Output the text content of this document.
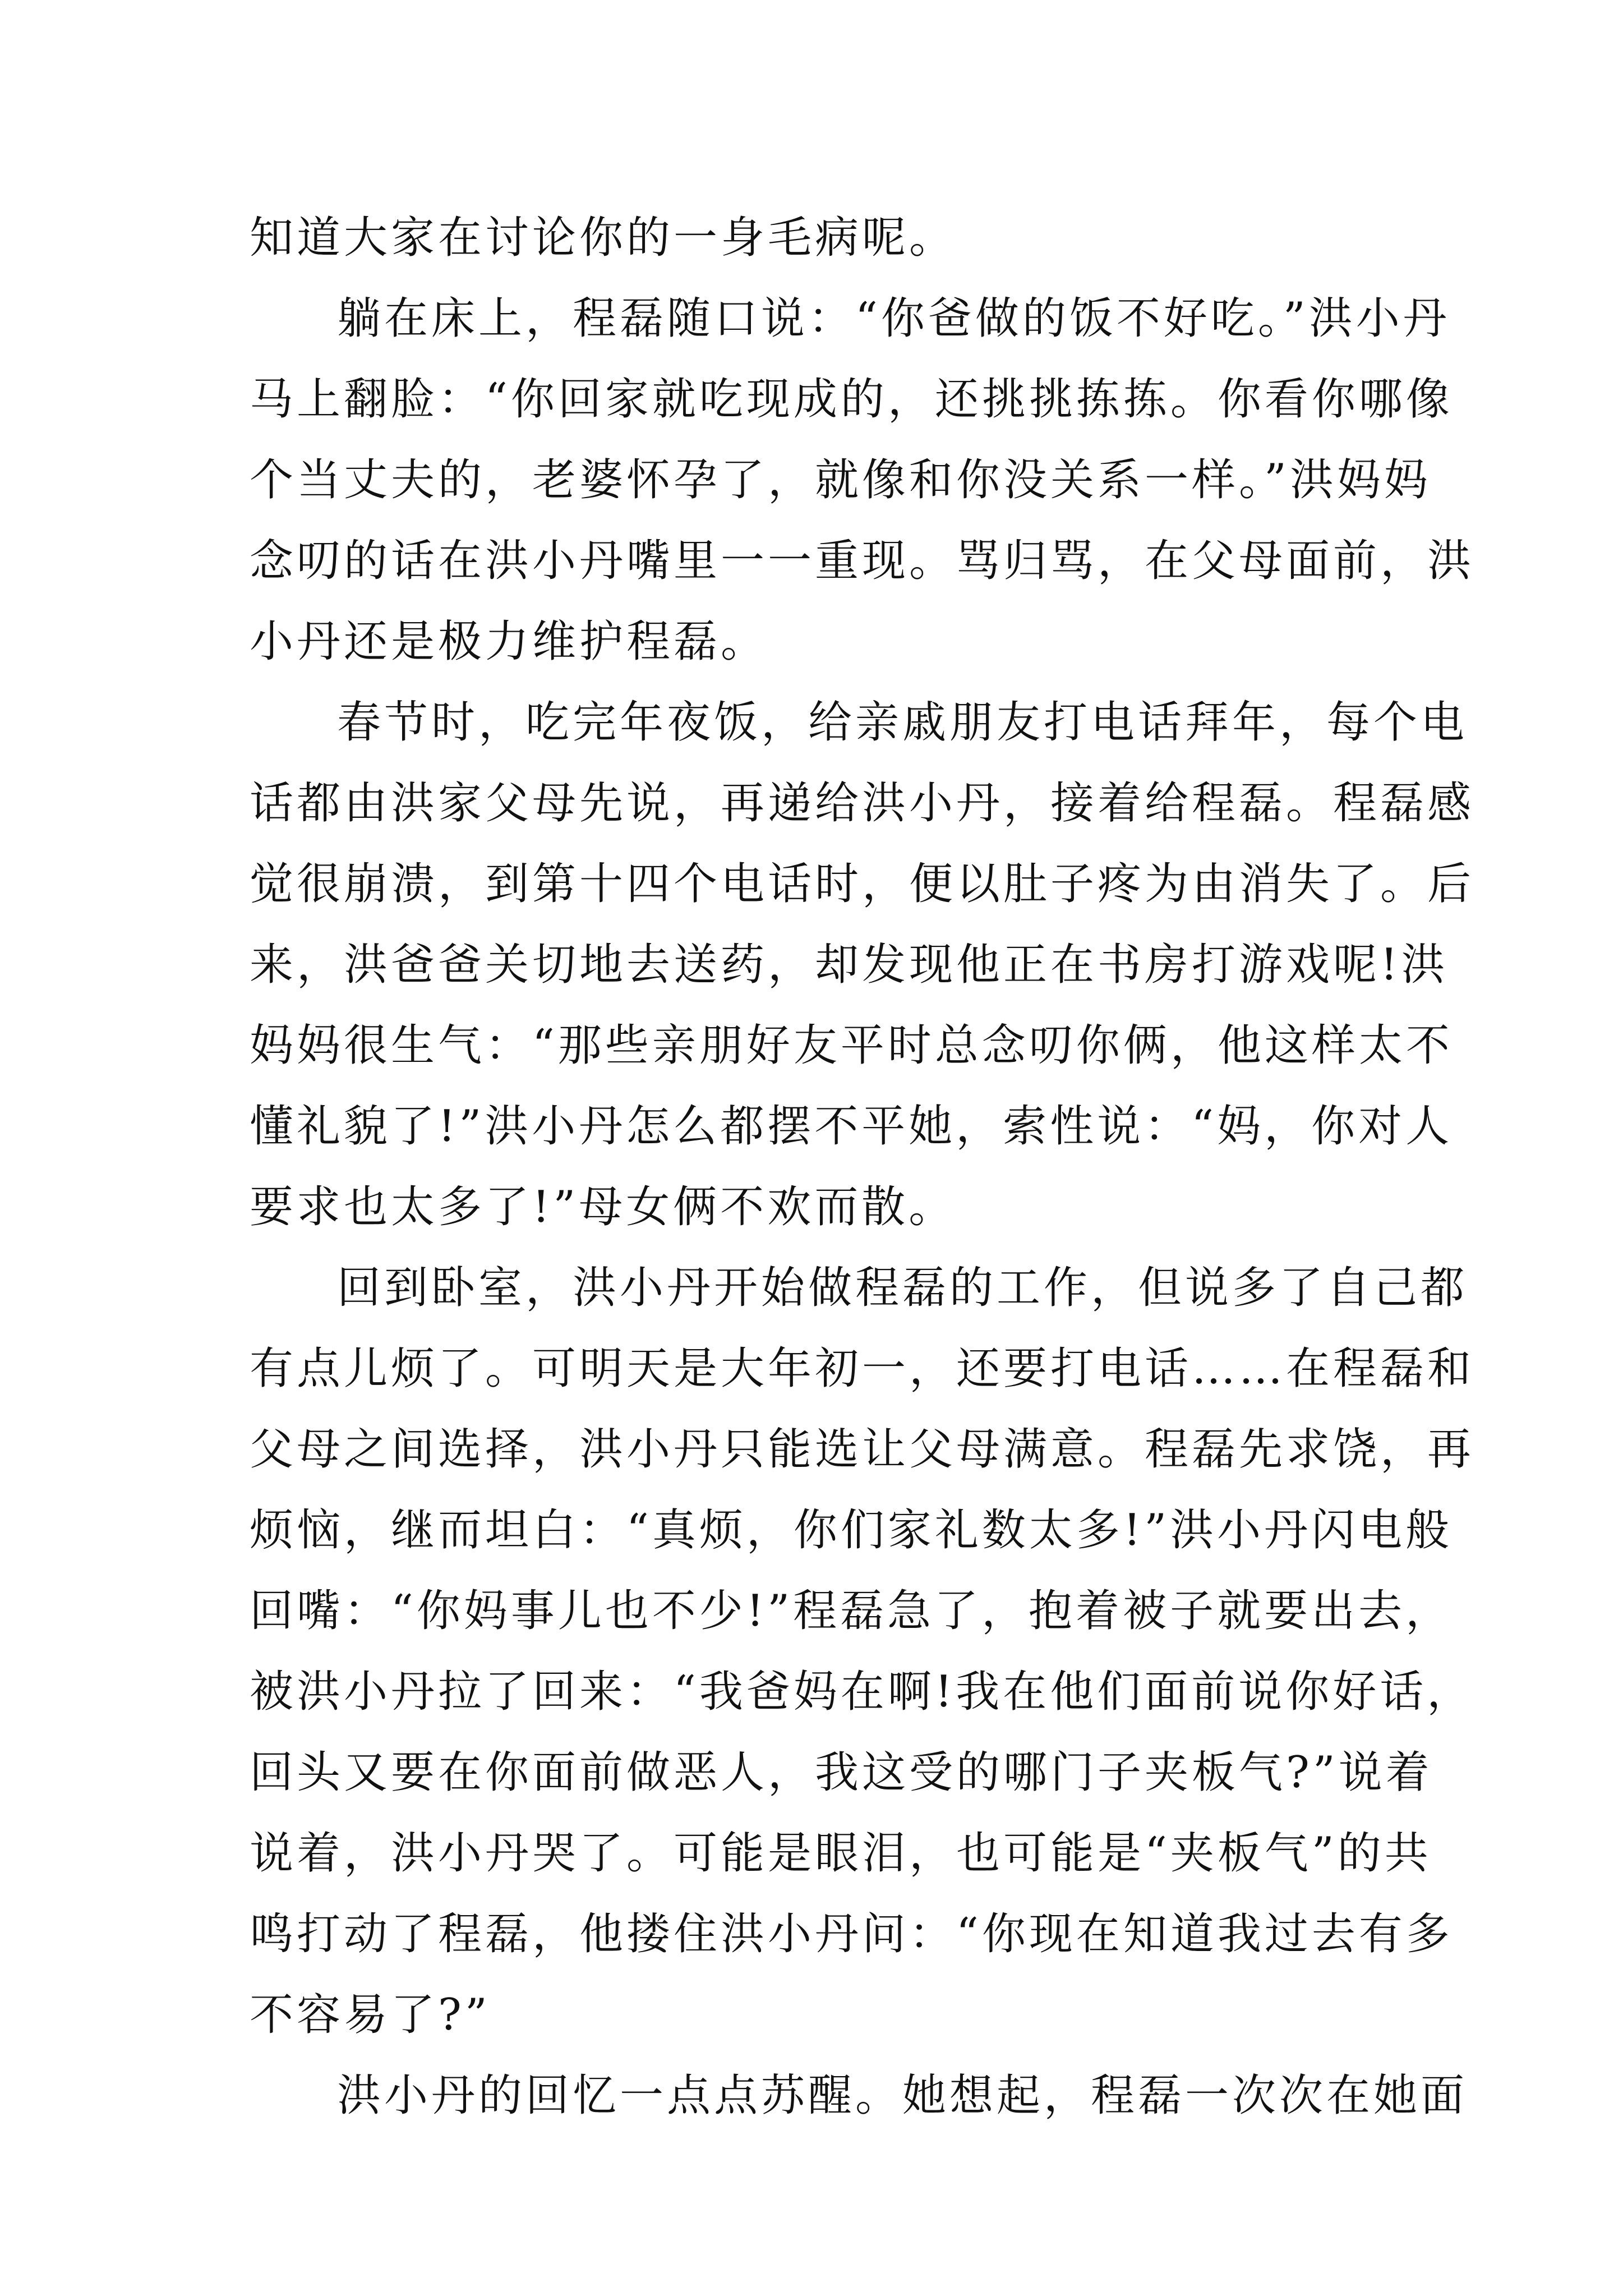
知道大家在讨论你的一身毛病呢。
躺在床上，程磊随口说：“你爸做的饭不好吃。”洪小丹
马上翻脸：“你回家就吃现成的，还挑挑拣拣。你看你哪像
个当丈夫的，老婆怀孕了，就像和你没关系一样。”洪妈妈
念叨的话在洪小丹嘴里一一重现。骂归骂，在父母面前，洪
小丹还是极力维护程磊。
春节时，吃完年夜饭，给亲戚朋友打电话拜年，每个电
话都由洪家父母先说，再递给洪小丹，接着给程磊。程磊感
觉很崩溃，到第十四个电话时，便以肚子疼为由消失了。后
来，洪爸爸关切地去送药，却发现他正在书房打游戏呢!洪
妈妈很生气：“那些亲朋好友平时总念叨你俩，他这样太不
懂礼貌了!”洪小丹怎么都摆不平她，索性说：“妈，你对人
要求也太多了!”母女俩不欢而散。
回到卧室，洪小丹开始做程磊的工作，但说多了自己都
有点儿烦了。可明天是大年初一，还要打电话……在程磊和
父母之间选择，洪小丹只能选让父母满意。程磊先求饶，再
烦恼，继而坦白：“真烦，你们家礼数太多!”洪小丹闪电般
回嘴：“你妈事儿也不少!”程磊急了，抱着被子就要出去，
被洪小丹拉了回来：“我爸妈在啊!我在他们面前说你好话，
回头又要在你面前做恶人，我这受的哪门子夹板气?”说着
说着，洪小丹哭了。可能是眼泪，也可能是“夹板气”的共
鸣打动了程磊，他搂住洪小丹问：“你现在知道我过去有多
不容易了?”
洪小丹的回忆一点点苏醒。她想起，程磊一次次在她面
